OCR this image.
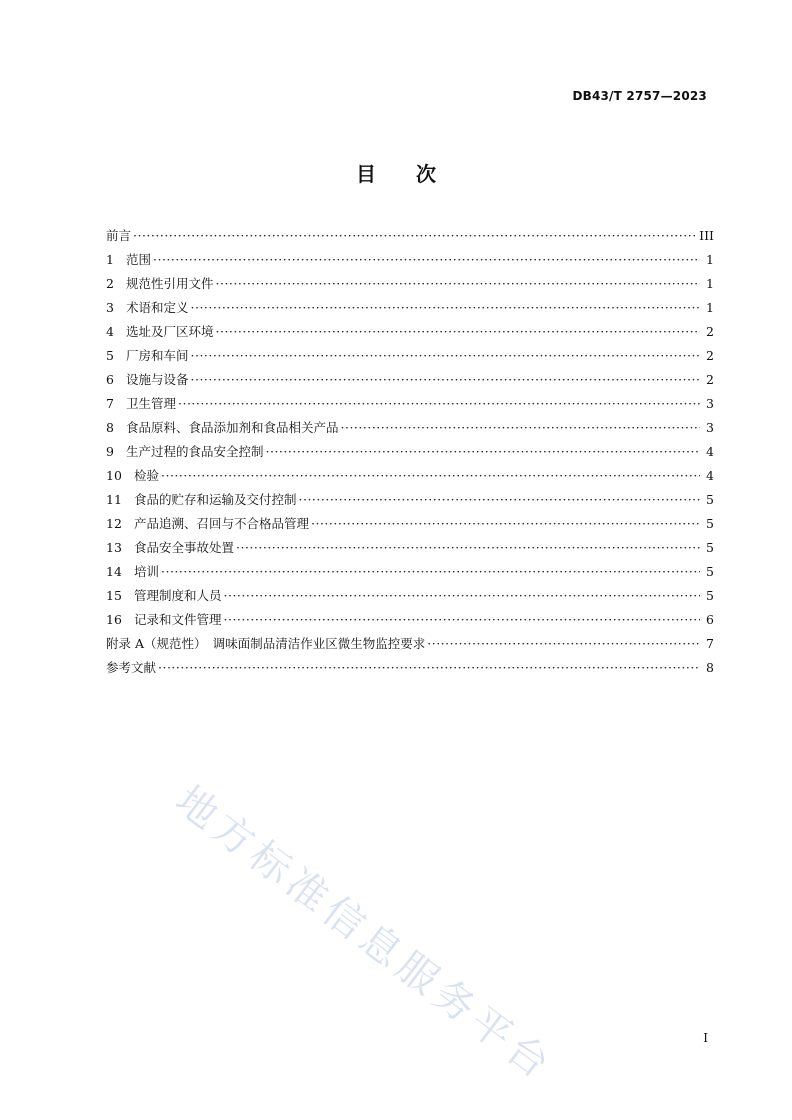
DB43/T 2757—2023
目 次
前言 ·····	III
1 范围 ·····	1
2 规范性引用文件 ·····	1
3 术语和定义 ·····	1
4 选址及厂区环境 ·····	2
5 厂房和车间 ·····	2
6 设施与设备 ·····	2
7 卫生管理 ·····	3
8 食品原料、食品添加剂和食品相关产品 ·····	3
9 生产过程的食品安全控制 ·····	4
10 检验 ·····	4
11 食品的贮存和运输及交付控制 ·····	5
12 产品追溯、召回与不合格品管理 ·····	5
13 食品安全事故处置 ·····	5
14 培训 ·····	5
15 管理制度和人员 ·····	5
16 记录和文件管理 ·····	6
附录 A（规范性）　调味面制品清洁作业区微生物监控要求 ·····	7
参考文献 ·····	8
地方标准信息服务平台	I
